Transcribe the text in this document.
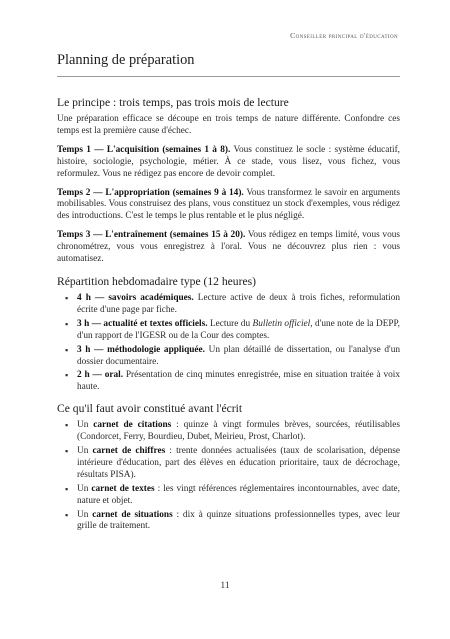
Conseiller principal d'éducation
Planning de préparation
Le principe : trois temps, pas trois mois de lecture

Une préparation efficace se découpe en trois temps de nature différente. Confondre ces temps est la première cause d'échec.

Temps 1 — L'acquisition (semaines 1 à 8). Vous constituez le socle : système éducatif, histoire, sociologie, psychologie, métier. À ce stade, vous lisez, vous fichez, vous reformulez. Vous ne rédigez pas encore de devoir complet.

Temps 2 — L'appropriation (semaines 9 à 14). Vous transformez le savoir en arguments mobilisables. Vous construisez des plans, vous constituez un stock d'exemples, vous rédigez des introductions. C'est le temps le plus rentable et le plus négligé.

Temps 3 — L'entraînement (semaines 15 à 20). Vous rédigez en temps limité, vous vous chronométrez, vous vous enregistrez à l'oral. Vous ne découvrez plus rien : vous automatisez.

Répartition hebdomadaire type (12 heures)
▪ 4 h — savoirs académiques. Lecture active de deux à trois fiches, reformulation écrite d'une page par fiche.
▪ 3 h — actualité et textes officiels. Lecture du Bulletin officiel, d'une note de la DEPP, d'un rapport de l'IGESR ou de la Cour des comptes.
▪ 3 h — méthodologie appliquée. Un plan détaillé de dissertation, ou l'analyse d'un dossier documentaire.
▪ 2 h — oral. Présentation de cinq minutes enregistrée, mise en situation traitée à voix haute.
Ce qu'il faut avoir constitué avant l'écrit
▪ Un carnet de citations : quinze à vingt formules brèves, sourcées, réutilisables (Condorcet, Ferry, Bourdieu, Dubet, Meirieu, Prost, Charlot).
▪ Un carnet de chiffres : trente données actualisées (taux de scolarisation, dépense intérieure d'éducation, part des élèves en éducation prioritaire, taux de décrochage, résultats PISA).
▪ Un carnet de textes : les vingt références réglementaires incontournables, avec date, nature et objet.
▪ Un carnet de situations : dix à quinze situations professionnelles types, avec leur grille de traitement.
11
